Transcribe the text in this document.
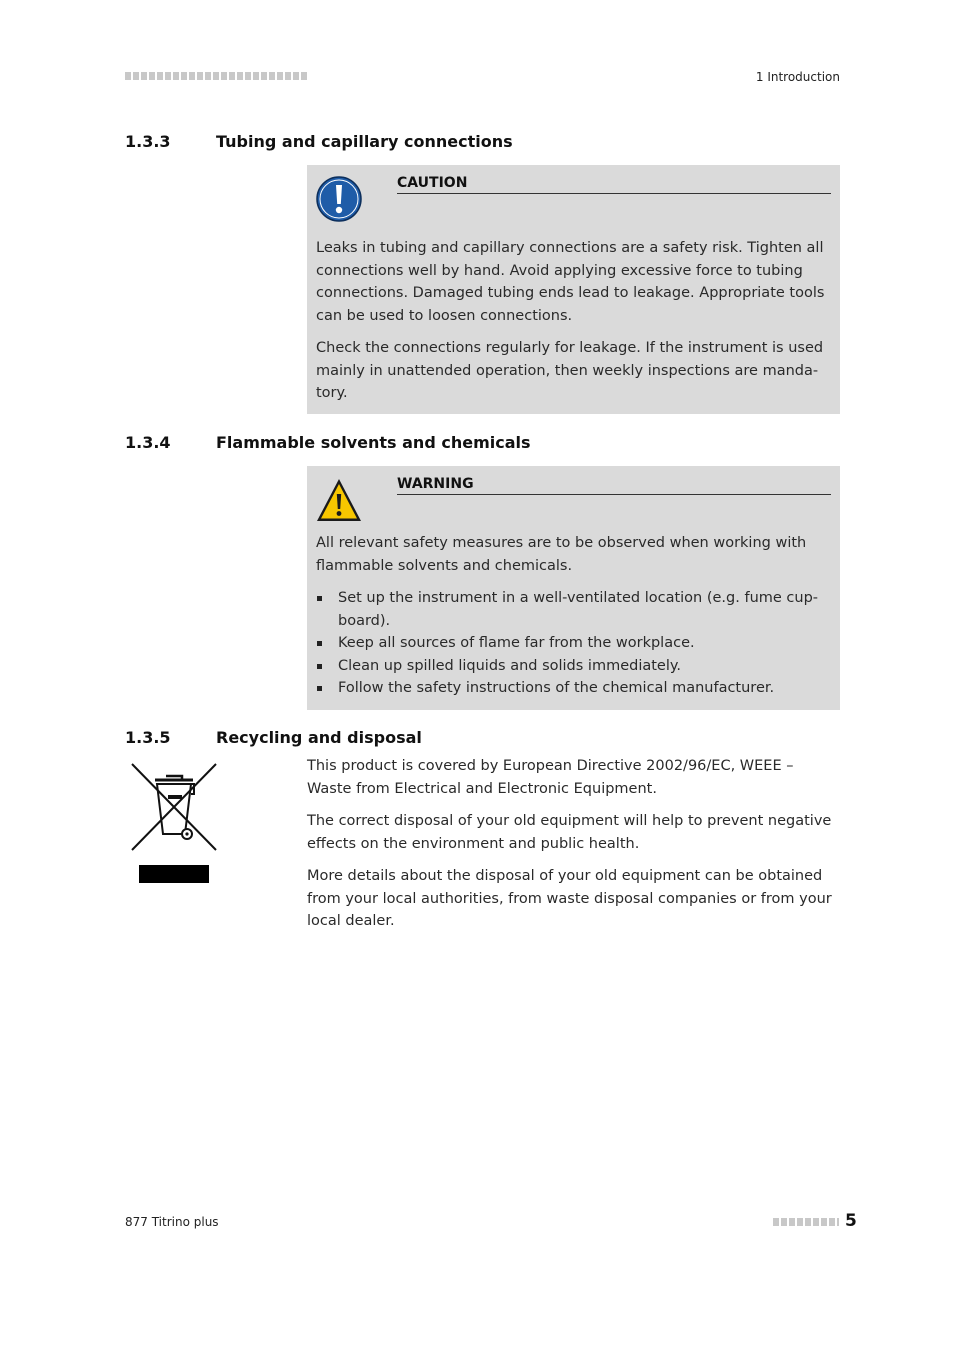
1 Introduction
1.3.3	Tubing and capillary connections
CAUTION

Leaks in tubing and capillary connections are a safety risk. Tighten all connections well by hand. Avoid applying excessive force to tubing connections. Damaged tubing ends lead to leakage. Appropriate tools can be used to loosen connections.

Check the connections regularly for leakage. If the instrument is used mainly in unattended operation, then weekly inspections are mandatory.

1.3.4	Flammable solvents and chemicals
WARNING

All relevant safety measures are to be observed when working with flammable solvents and chemicals.

Set up the instrument in a well-ventilated location (e.g. fume cupboard).
Keep all sources of flame far from the workplace.
Clean up spilled liquids and solids immediately.
Follow the safety instructions of the chemical manufacturer.
1.3.5	Recycling and disposal

This product is covered by European Directive 2002/96/EC, WEEE – Waste from Electrical and Electronic Equipment.

The correct disposal of your old equipment will help to prevent negative effects on the environment and public health.

More details about the disposal of your old equipment can be obtained from your local authorities, from waste disposal companies or from your local dealer.

877 Titrino plus	5
